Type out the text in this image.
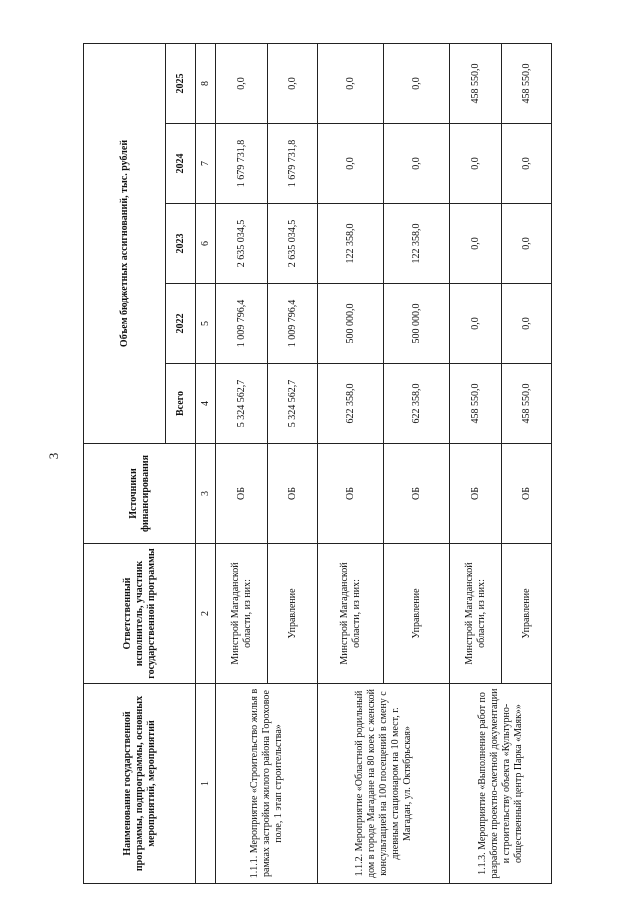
3
Наименование государственной программы, подпрограммы, основных мероприятий, мероприятий	Ответственный исполнитель, участник государственной программы	Источники финансирования	Объем бюджетных ассигнований, тыс. рублей				
			Всего	2022	2023	2024	2025
1	2	3	4	5	6	7	8
1.1.1. Мероприятие «Строительство жилья в рамках застройки жилого района Гороховое поле, 1 этап строительства»	Минстрой Магаданской области, из них:	ОБ	5 324 562,7	1 009 796,4	2 635 034,5	1 679 731,8	0,0
	Управление	ОБ	5 324 562,7	1 009 796,4	2 635 034,5	1 679 731,8	0,0
1.1.2. Мероприятие «Областной родильный дом в городе Магадане на 80 коек с женской консультацией на 100 посещений в смену с дневным стационаром на 10 мест, г. Магадан, ул. Октябрьская»	Минстрой Магаданской области, из них:	ОБ	622 358,0	500 000,0	122 358,0	0,0	0,0
	Управление	ОБ	622 358,0	500 000,0	122 358,0	0,0	0,0
1.1.3. Мероприятие «Выполнение работ по разработке проектно-сметной документации и строительству объекта «Культурно-общественный центр Парка «Маяк»»	Минстрой Магаданской области, из них:	ОБ	458 550,0	0,0	0,0	0,0	458 550,0
	Управление	ОБ	458 550,0	0,0	0,0	0,0	458 550,0
